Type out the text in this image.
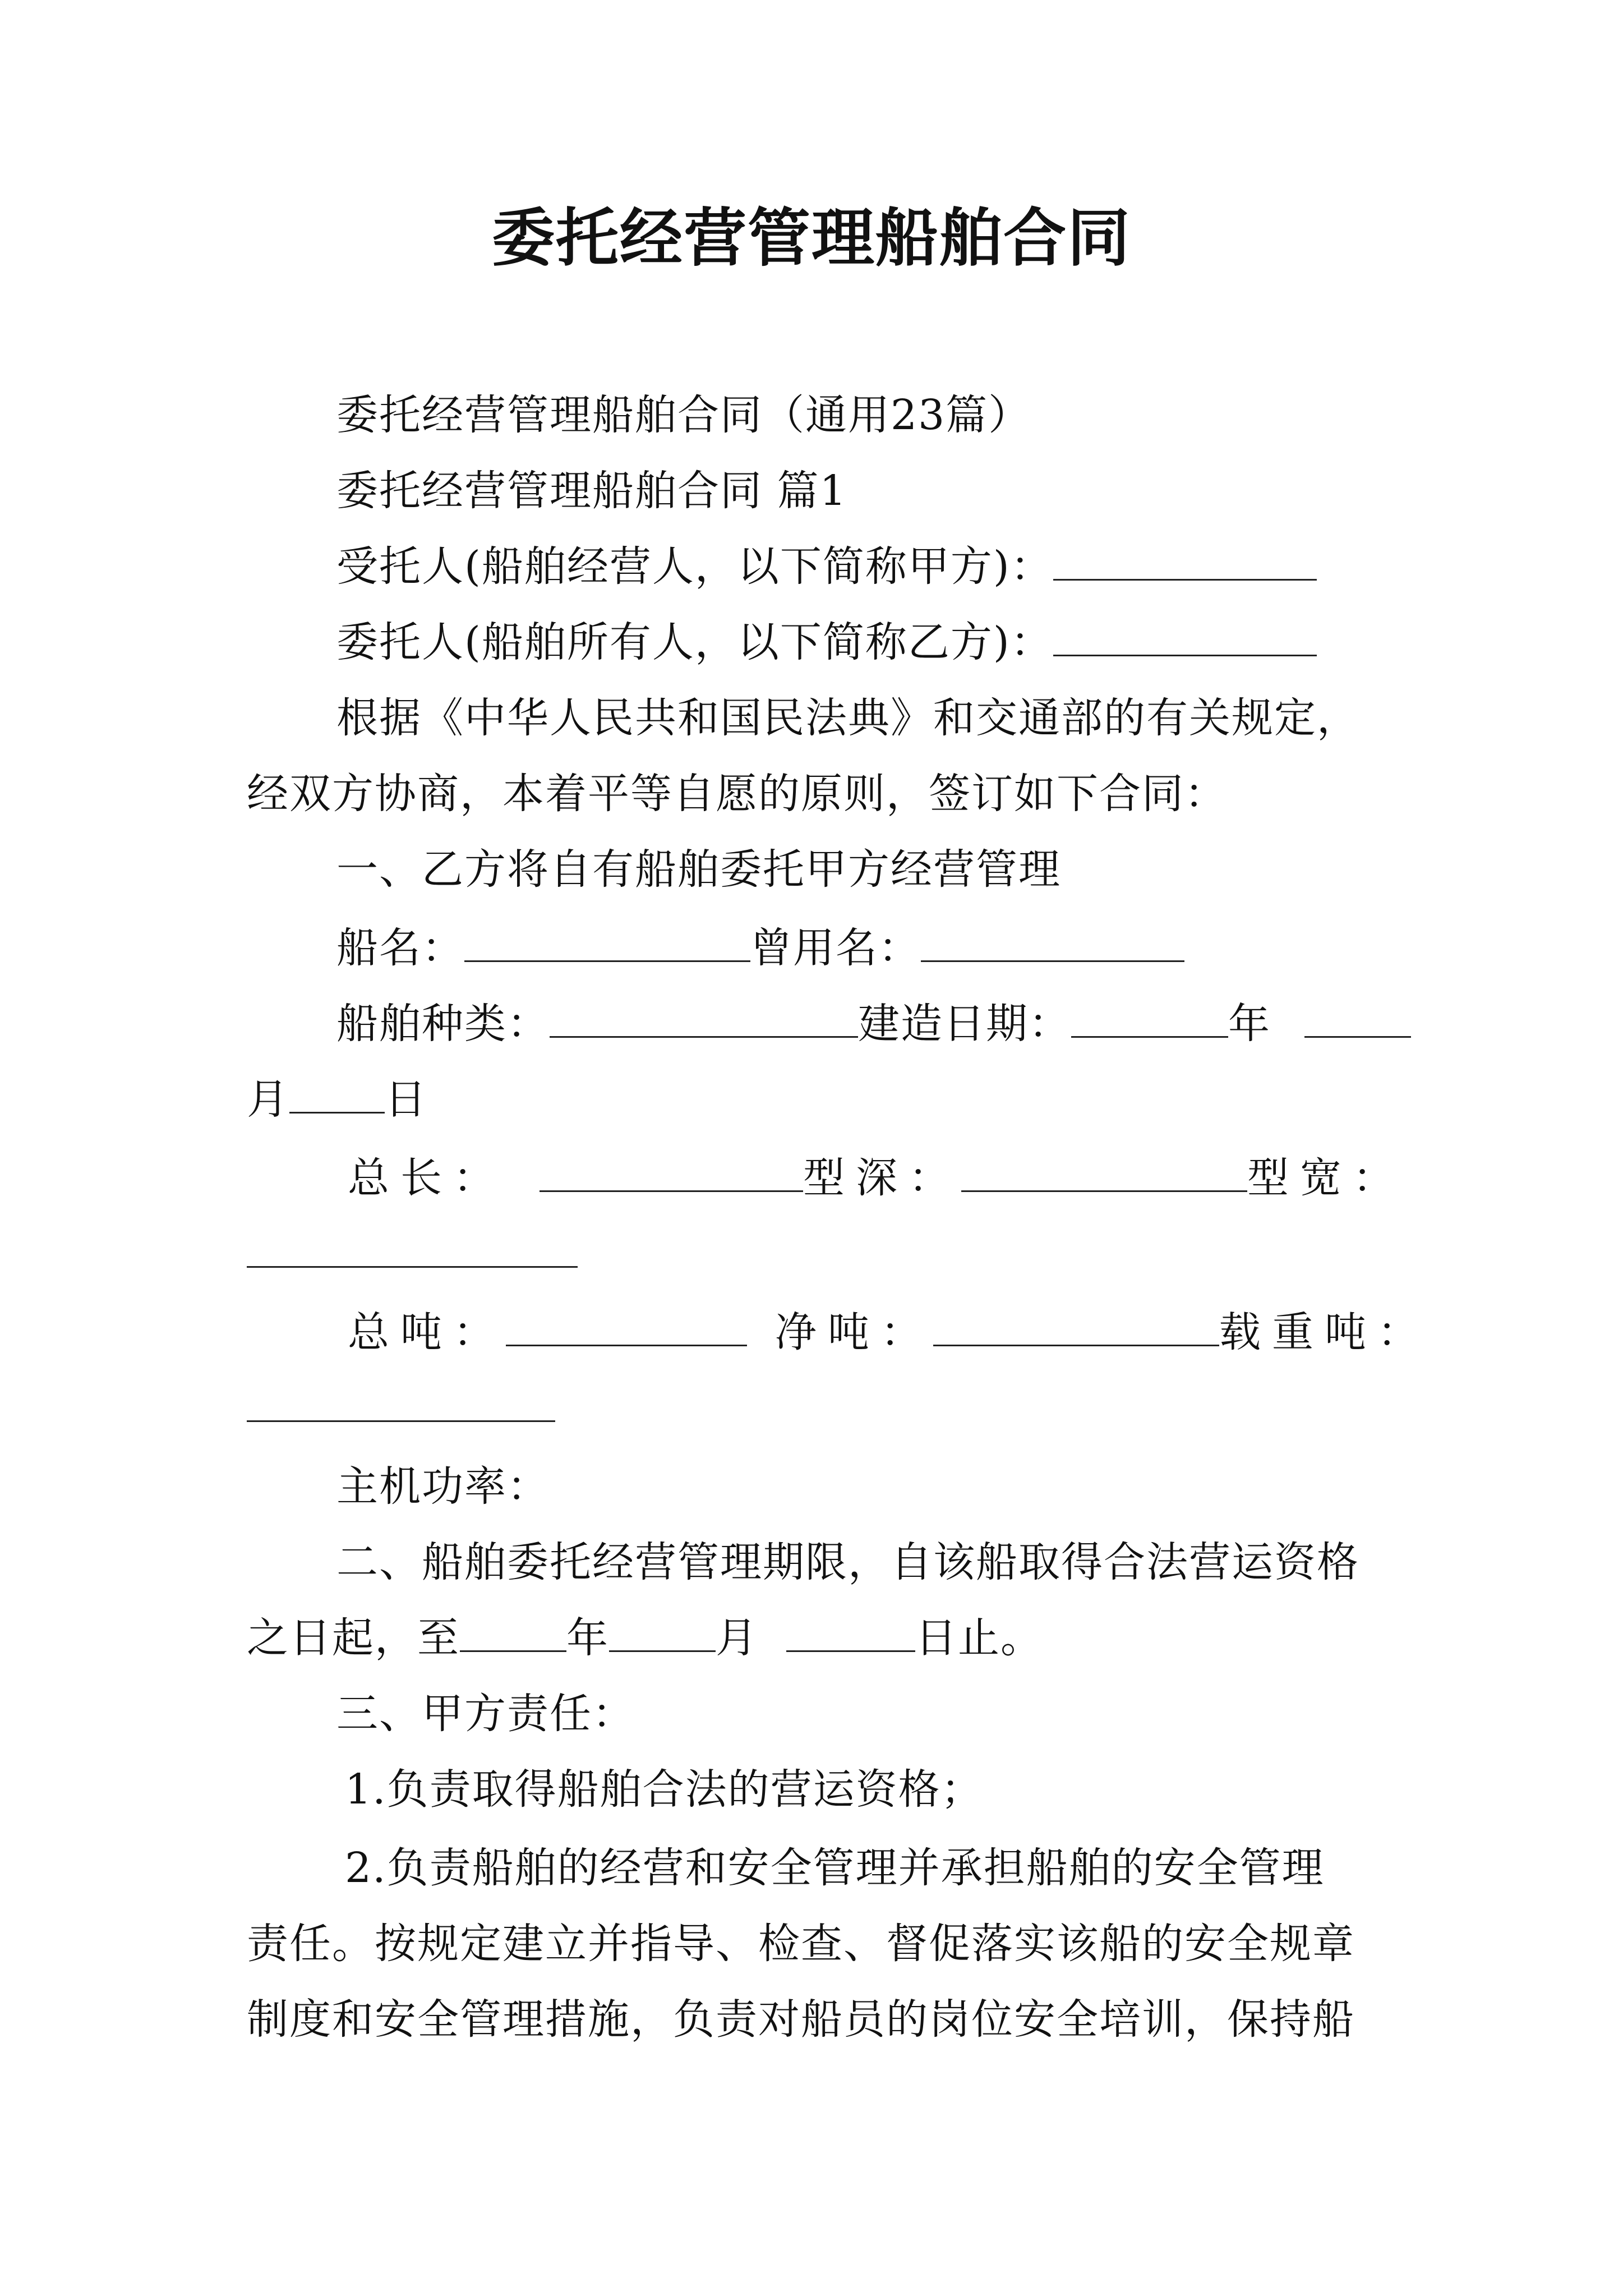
委托经营管理船舶合同
委托经营管理船舶合同（通用23篇）
委托经营管理船舶合同 篇1
受托人(船舶经营人，以下简称甲方)：
委托人(船舶所有人，以下简称乙方)：
根据《中华人民共和国民法典》和交通部的有关规定，
经双方协商，本着平等自愿的原则，签订如下合同：
一、乙方将自有船舶委托甲方经营管理
船名：	曾用名：
船舶种类：	建造日期：	年
月 日
总长：	型深：	型宽：
总吨：	净吨：	载重吨：
主机功率：
二、船舶委托经营管理期限，自该船取得合法营运资格
之日起，至	年	月	日止。
三、甲方责任：
1.负责取得船舶合法的营运资格；
2.负责船舶的经营和安全管理并承担船舶的安全管理
责任。按规定建立并指导、检查、督促落实该船的安全规章
制度和安全管理措施，负责对船员的岗位安全培训，保持船
